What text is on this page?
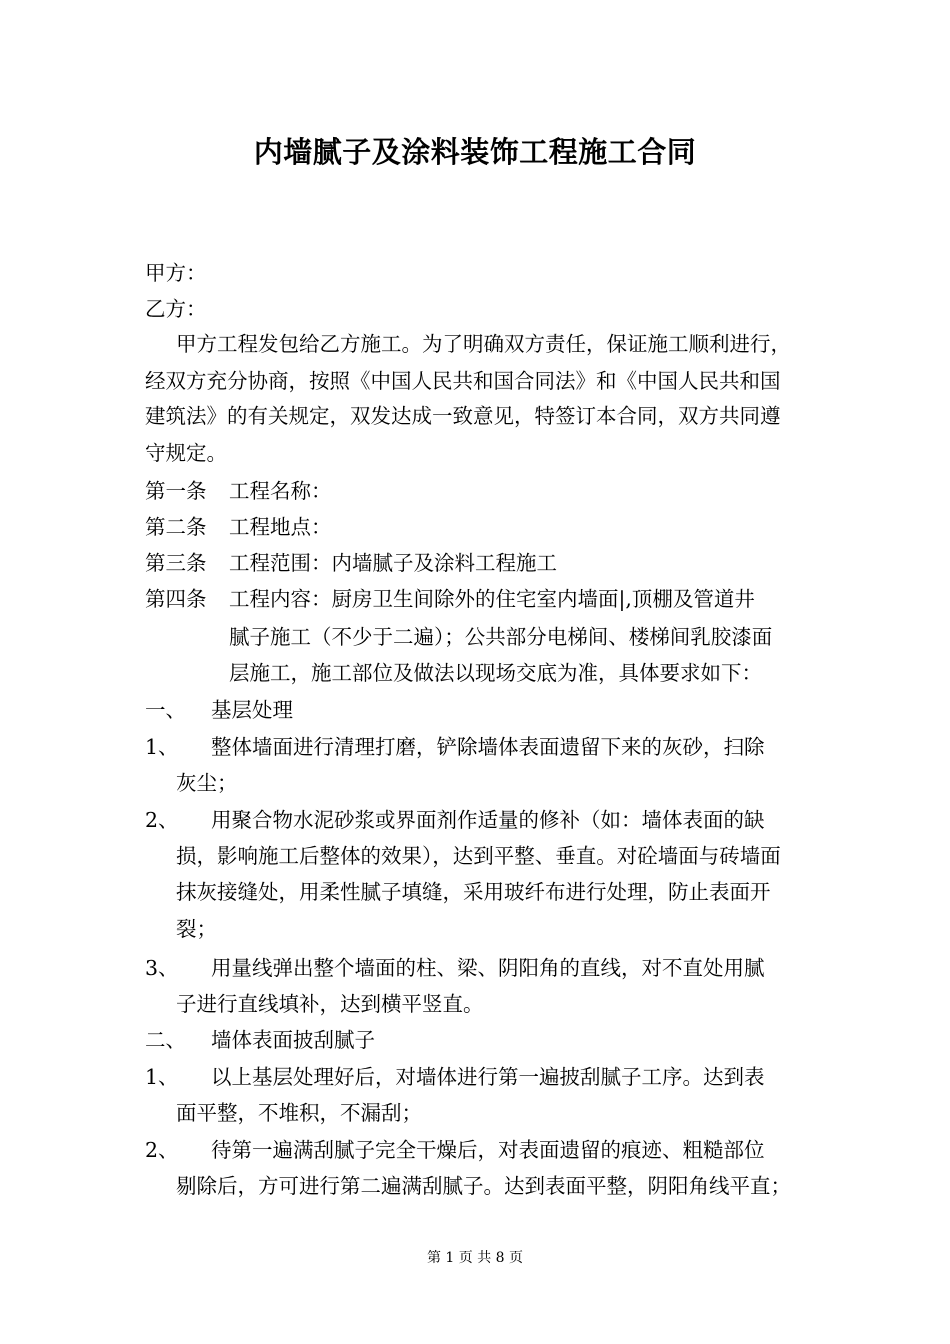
内墙腻子及涂料装饰工程施工合同
甲方：
乙方：
甲方工程发包给乙方施工。为了明确双方责任，保证施工顺利进行，
经双方充分协商，按照《中国人民共和国合同法》和《中国人民共和国
建筑法》的有关规定，双发达成一致意见，特签订本合同，双方共同遵
守规定。
第一条 工程名称：
第二条 工程地点：
第三条 工程范围：内墙腻子及涂料工程施工
第四条 工程内容：厨房卫生间除外的住宅室内墙面|,顶棚及管道井
腻子施工（不少于二遍）；公共部分电梯间、楼梯间乳胶漆面
层施工，施工部位及做法以现场交底为准，具体要求如下：
一、 基层处理
1、 整体墙面进行清理打磨，铲除墙体表面遗留下来的灰砂，扫除
灰尘；
2、 用聚合物水泥砂浆或界面剂作适量的修补（如：墙体表面的缺
损，影响施工后整体的效果），达到平整、垂直。对砼墙面与砖墙面
抹灰接缝处，用柔性腻子填缝，采用玻纤布进行处理，防止表面开
裂；
3、 用量线弹出整个墙面的柱、梁、阴阳角的直线，对不直处用腻
子进行直线填补，达到横平竖直。
二、 墙体表面披刮腻子
1、 以上基层处理好后，对墙体进行第一遍披刮腻子工序。达到表
面平整，不堆积，不漏刮；
2、 待第一遍满刮腻子完全干燥后，对表面遗留的痕迹、粗糙部位
剔除后，方可进行第二遍满刮腻子。达到表面平整，阴阳角线平直；
第 1 页 共 8 页
